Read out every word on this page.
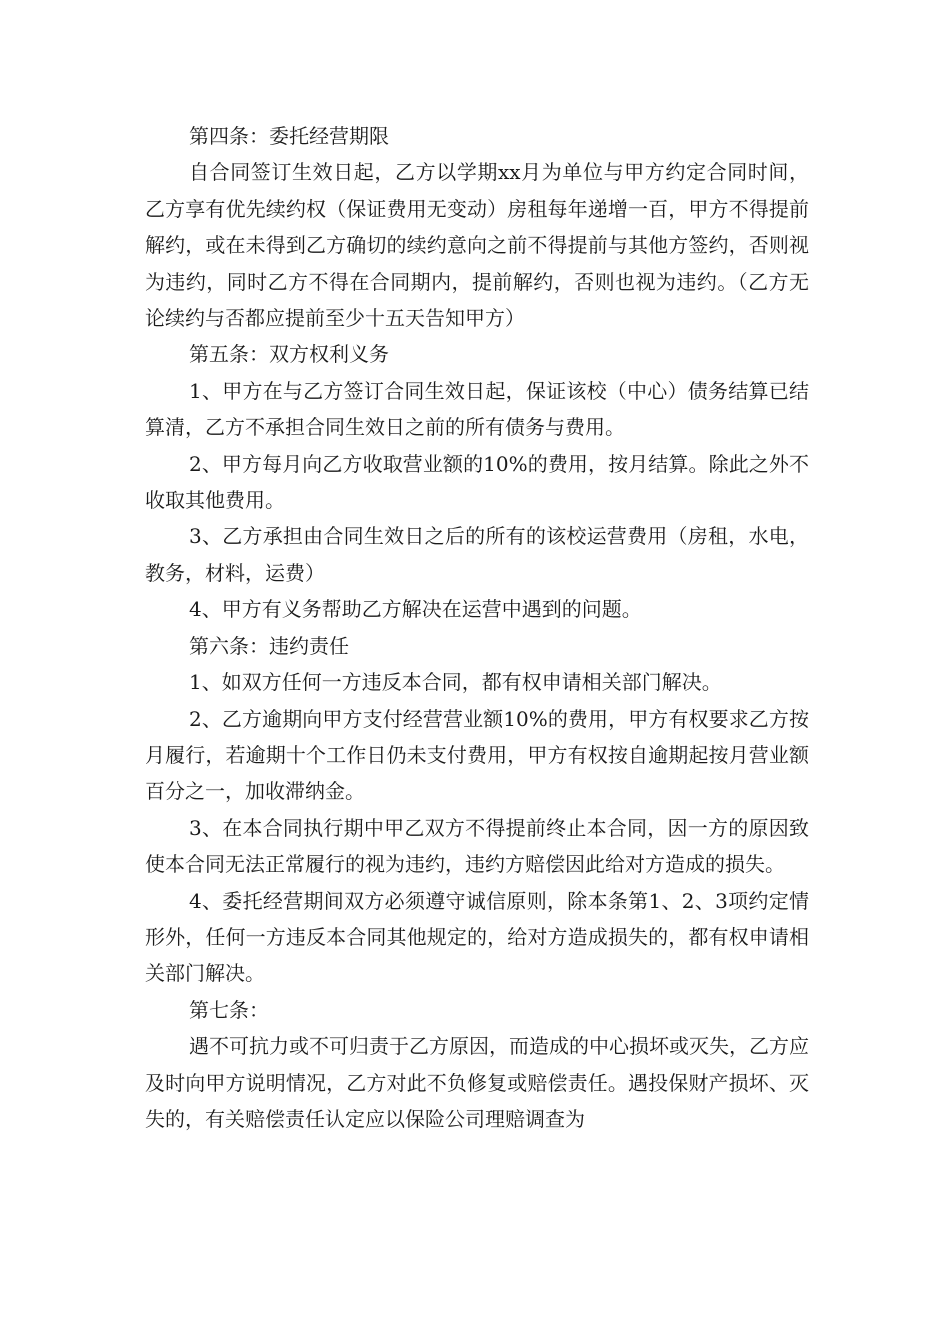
第四条：委托经营期限

自合同签订生效日起，乙方以学期xx月为单位与甲方约定合同时间，乙方享有优先续约权（保证费用无变动）房租每年递增一百，甲方不得提前解约，或在未得到乙方确切的续约意向之前不得提前与其他方签约，否则视为违约，同时乙方不得在合同期内，提前解约，否则也视为违约。（乙方无论续约与否都应提前至少十五天告知甲方）

第五条：双方权利义务

1、甲方在与乙方签订合同生效日起，保证该校（中心）债务结算已结算清，乙方不承担合同生效日之前的所有债务与费用。

2、甲方每月向乙方收取营业额的10%的费用，按月结算。除此之外不收取其他费用。

3、乙方承担由合同生效日之后的所有的该校运营费用（房租，水电，教务，材料，运费）

4、甲方有义务帮助乙方解决在运营中遇到的问题。

第六条：违约责任

1、如双方任何一方违反本合同，都有权申请相关部门解决。

2、乙方逾期向甲方支付经营营业额10%的费用，甲方有权要求乙方按月履行，若逾期十个工作日仍未支付费用，甲方有权按自逾期起按月营业额百分之一，加收滞纳金。

3、在本合同执行期中甲乙双方不得提前终止本合同，因一方的原因致使本合同无法正常履行的视为违约，违约方赔偿因此给对方造成的损失。

4、委托经营期间双方必须遵守诚信原则，除本条第1、2、3项约定情形外，任何一方违反本合同其他规定的，给对方造成损失的，都有权申请相关部门解决。

第七条：

遇不可抗力或不可归责于乙方原因，而造成的中心损坏或灭失，乙方应及时向甲方说明情况，乙方对此不负修复或赔偿责任。遇投保财产损坏、灭失的，有关赔偿责任认定应以保险公司理赔调查为
